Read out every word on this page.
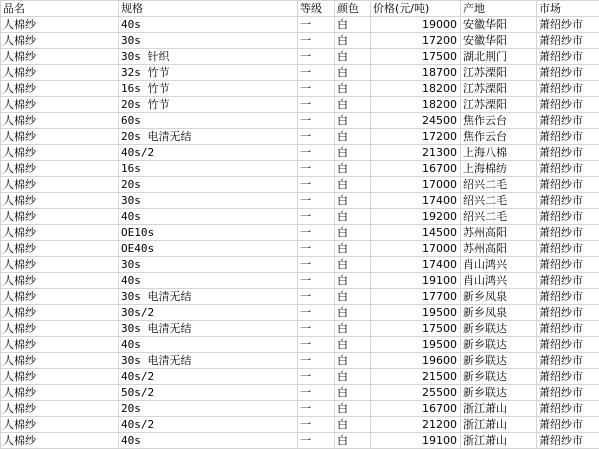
品名	规格	等级	颜色	价格(元/吨)	产地	市场
人棉纱	40s	一	白	19000	安徽华阳	萧绍纱市
人棉纱	30s	一	白	17200	安徽华阳	萧绍纱市
人棉纱	30s 针织	一	白	17500	湖北荆门	萧绍纱市
人棉纱	32s 竹节	一	白	18700	江苏溧阳	萧绍纱市
人棉纱	16s 竹节	一	白	18200	江苏溧阳	萧绍纱市
人棉纱	20s 竹节	一	白	18200	江苏溧阳	萧绍纱市
人棉纱	60s	一	白	24500	焦作云台	萧绍纱市
人棉纱	20s 电清无结	一	白	17200	焦作云台	萧绍纱市
人棉纱	40s/2	一	白	21300	上海八棉	萧绍纱市
人棉纱	16s	一	白	16700	上海棉纺	萧绍纱市
人棉纱	20s	一	白	17000	绍兴二毛	萧绍纱市
人棉纱	30s	一	白	17400	绍兴二毛	萧绍纱市
人棉纱	40s	一	白	19200	绍兴二毛	萧绍纱市
人棉纱	OE10s	一	白	14500	苏州高阳	萧绍纱市
人棉纱	OE40s	一	白	17000	苏州高阳	萧绍纱市
人棉纱	30s	一	白	17400	肖山鸿兴	萧绍纱市
人棉纱	40s	一	白	19100	肖山鸿兴	萧绍纱市
人棉纱	30s 电清无结	一	白	17700	新乡凤泉	萧绍纱市
人棉纱	30s/2	一	白	19500	新乡凤泉	萧绍纱市
人棉纱	30s 电清无结	一	白	17500	新乡联达	萧绍纱市
人棉纱	40s	一	白	19500	新乡联达	萧绍纱市
人棉纱	30s 电清无结	一	白	19600	新乡联达	萧绍纱市
人棉纱	40s/2	一	白	21500	新乡联达	萧绍纱市
人棉纱	50s/2	一	白	25500	新乡联达	萧绍纱市
人棉纱	20s	一	白	16700	浙江萧山	萧绍纱市
人棉纱	40s/2	一	白	21200	浙江萧山	萧绍纱市
人棉纱	40s	一	白	19100	浙江萧山	萧绍纱市
